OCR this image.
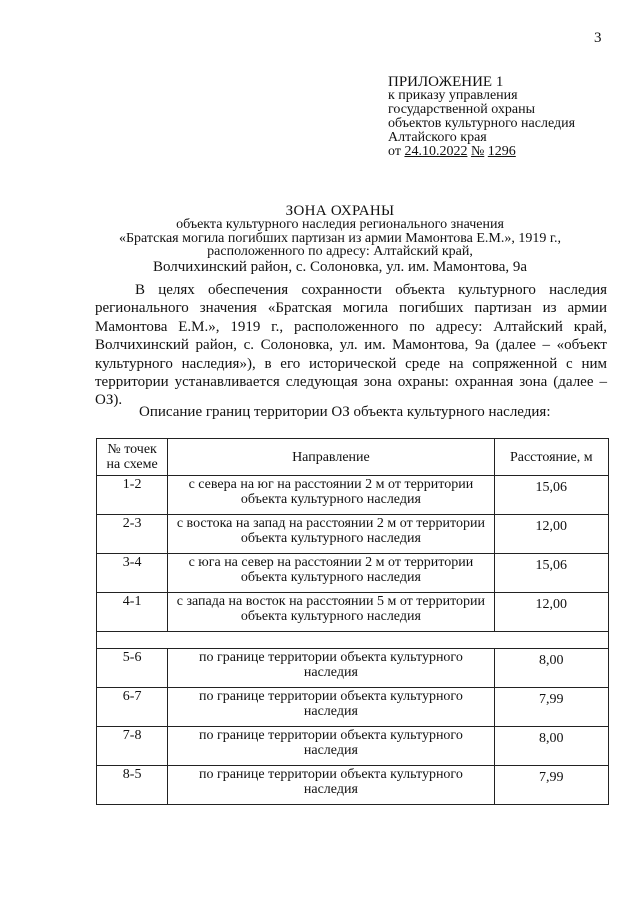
3
ПРИЛОЖЕНИЕ 1
к приказу управления
государственной охраны
объектов культурного наследия
Алтайского края
от 24.10.2022 № 1296
ЗОНА ОХРАНЫ
объекта культурного наследия регионального значения
«Братская могила погибших партизан из армии Мамонтова Е.М.», 1919 г.,
расположенного по адресу: Алтайский край,
Волчихинский район, с. Солоновка, ул. им. Мамонтова, 9а
В целях обеспечения сохранности объекта культурного наследия регионального значения «Братская могила погибших партизан из армии Мамонтова Е.М.», 1919 г., расположенного по адресу: Алтайский край, Волчихинский район, с. Солоновка, ул. им. Мамонтова, 9а (далее – «объект культурного наследия»), в его исторической среде на сопряженной с ним территории устанавливается следующая зона охраны: охранная зона (далее – ОЗ).
Описание границ территории ОЗ объекта культурного наследия:
№ точек
на схеме	Направление	Расстояние, м
1-2	с севера на юг на расстоянии 2 м от территории объекта культурного наследия	15,06
2-3	с востока на запад на расстоянии 2 м от территории объекта культурного наследия	12,00
3-4	с юга на север на расстоянии 2 м от территории объекта культурного наследия	15,06
4-1	с запада на восток на расстоянии 5 м от территории объекта культурного наследия	12,00

5-6	по границе территории объекта культурного наследия	8,00
6-7	по границе территории объекта культурного наследия	7,99
7-8	по границе территории объекта культурного наследия	8,00
8-5	по границе территории объекта культурного наследия	7,99
